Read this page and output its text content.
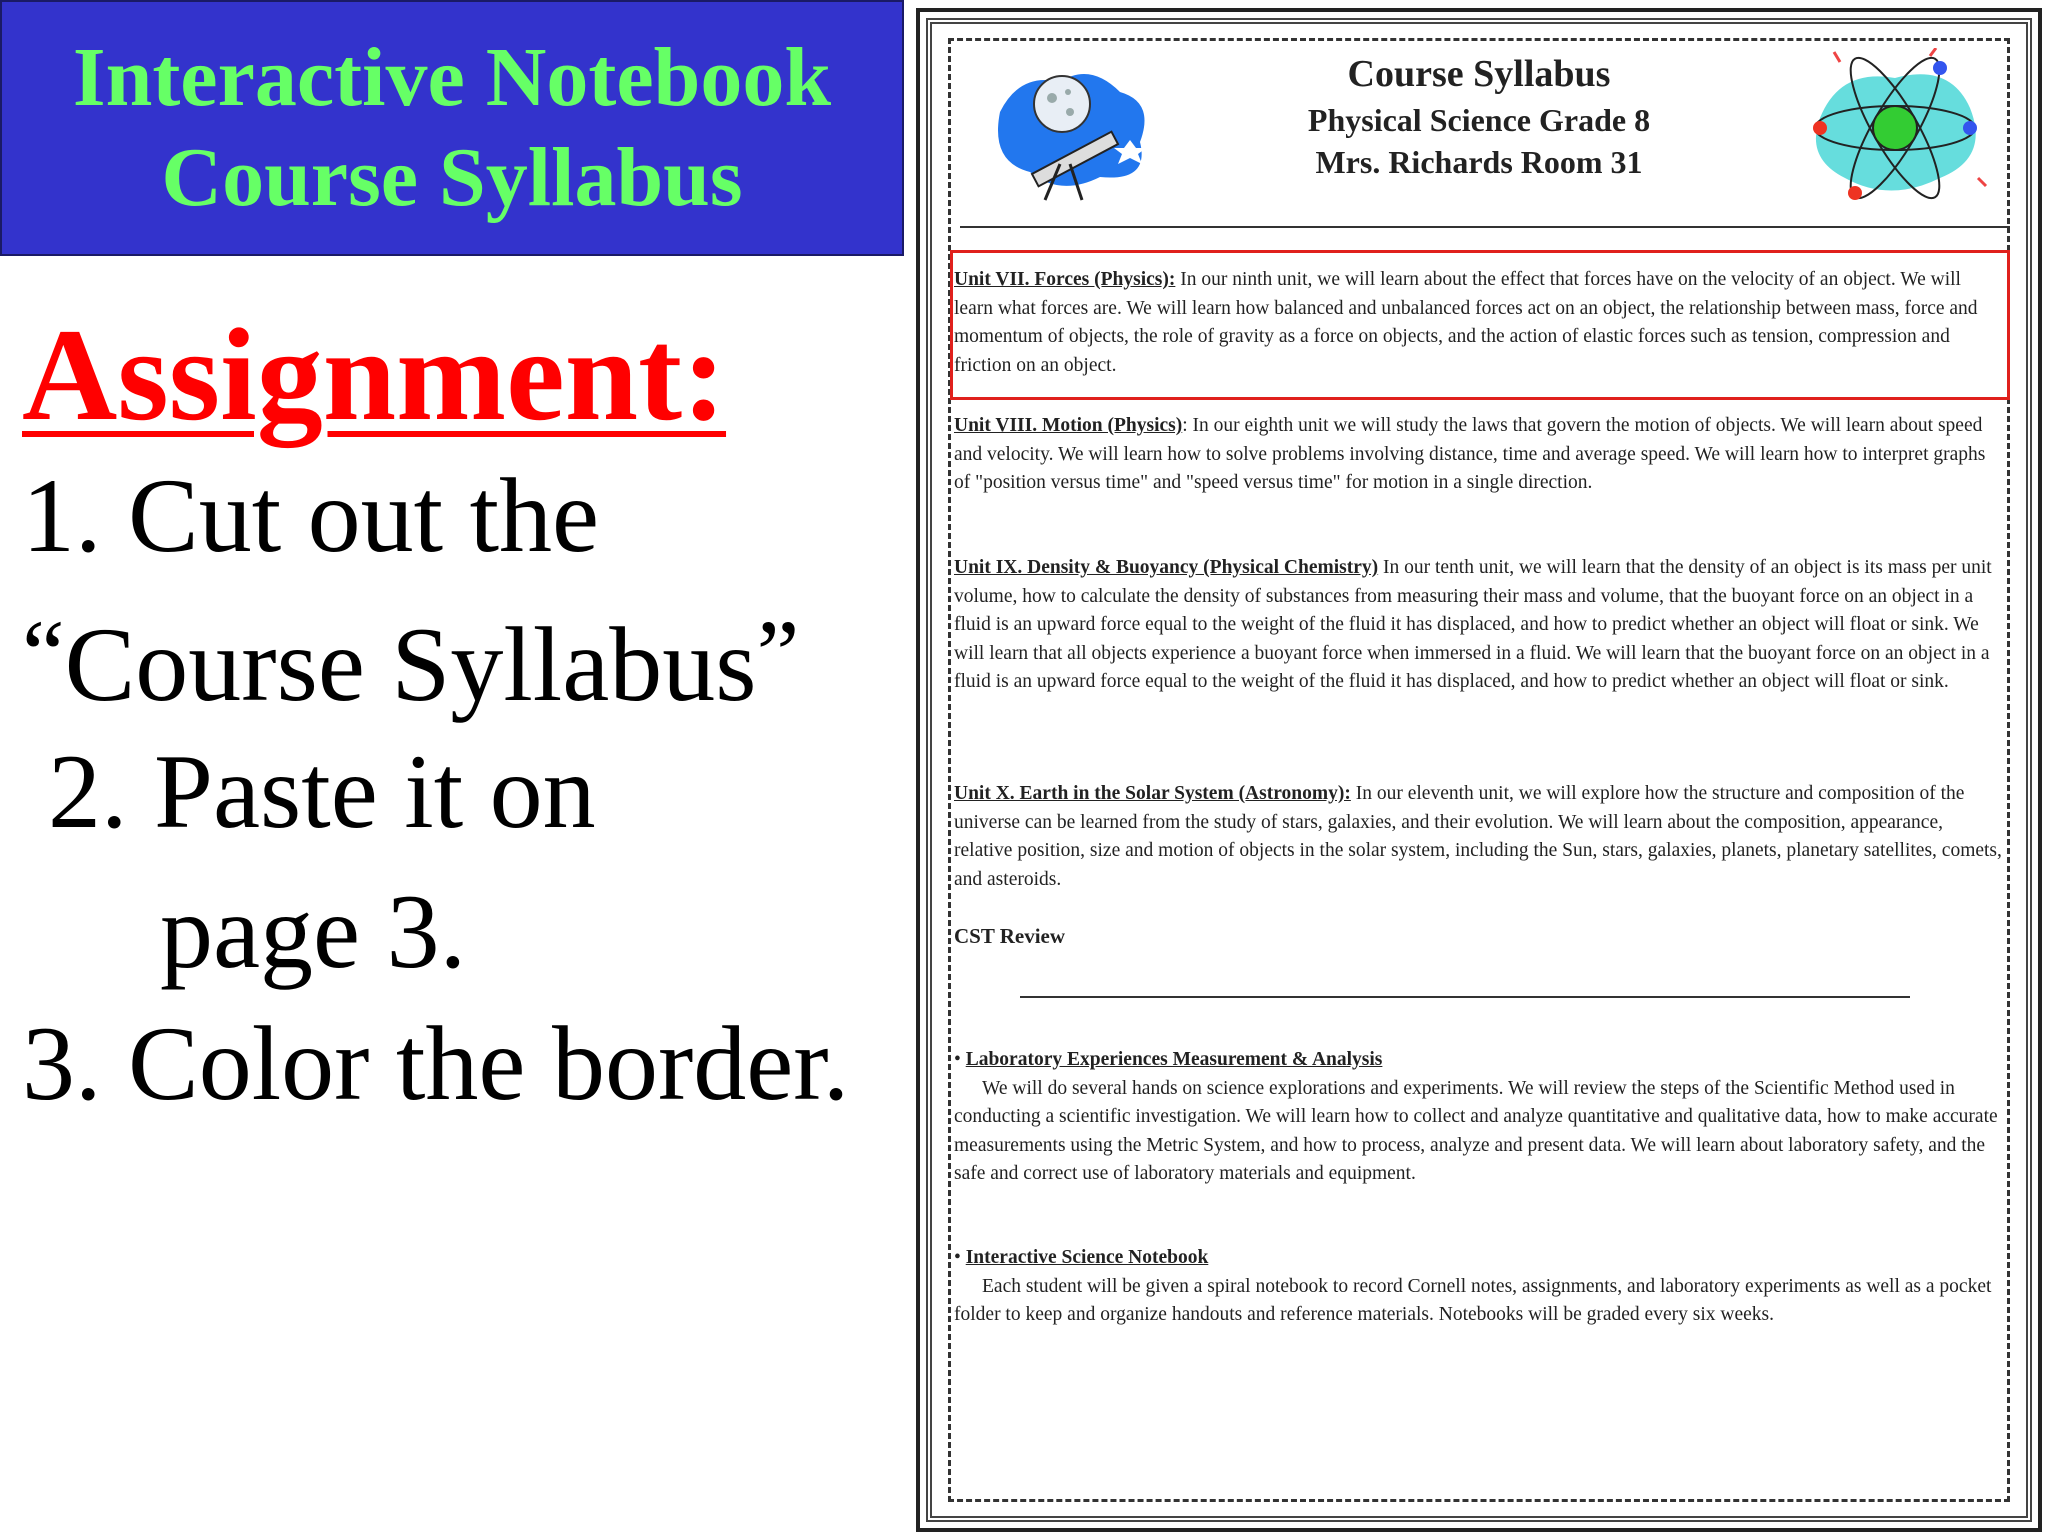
Interactive Notebook
Course Syllabus
Assignment:
1. Cut out the
“Course Syllabus”
2. Paste it on
page 3.
3. Color the border.
Course Syllabus
Physical Science Grade 8
Mrs. Richards Room 31
Unit VII. Forces (Physics): In our ninth unit, we will learn about the effect that forces have on the velocity of an object. We will learn what forces are. We will learn how balanced and unbalanced forces act on an object, the relationship between mass, force and momentum of objects, the role of gravity as a force on objects, and the action of elastic forces such as tension, compression and friction on an object.
Unit VIII. Motion (Physics): In our eighth unit we will study the laws that govern the motion of objects. We will learn about speed and velocity. We will learn how to solve problems involving distance, time and average speed. We will learn how to interpret graphs of "position versus time" and "speed versus time" for motion in a single direction.
Unit IX. Density & Buoyancy (Physical Chemistry) In our tenth unit, we will learn that the density of an object is its mass per unit volume, how to calculate the density of substances from measuring their mass and volume, that the buoyant force on an object in a fluid is an upward force equal to the weight of the fluid it has displaced, and how to predict whether an object will float or sink. We will learn that all objects experience a buoyant force when immersed in a fluid. We will learn that the buoyant force on an object in a fluid is an upward force equal to the weight of the fluid it has displaced, and how to predict whether an object will float or sink.
Unit X. Earth in the Solar System (Astronomy): In our eleventh unit, we will explore how the structure and composition of the universe can be learned from the study of stars, galaxies, and their evolution. We will learn about the composition, appearance, relative position, size and motion of objects in the solar system, including the Sun, stars, galaxies, planets, planetary satellites, comets, and asteroids.
CST Review
• Laboratory Experiences Measurement & Analysis
We will do several hands on science explorations and experiments. We will review the steps of the Scientific Method used in conducting a scientific investigation. We will learn how to collect and analyze quantitative and qualitative data, how to make accurate measurements using the Metric System, and how to process, analyze and present data. We will learn about laboratory safety, and the safe and correct use of laboratory materials and equipment.
• Interactive Science Notebook
Each student will be given a spiral notebook to record Cornell notes, assignments, and laboratory experiments as well as a pocket folder to keep and organize handouts and reference materials. Notebooks will be graded every six weeks.
